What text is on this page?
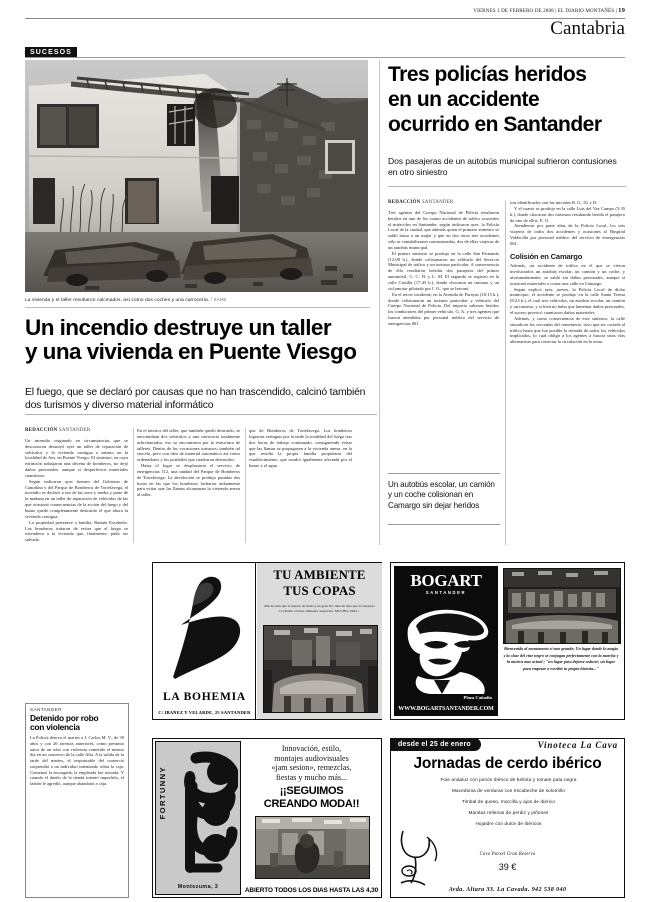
VIERNES 1 DE FEBRERO DE 2008 | EL DIARIO MONTAÑÉS | 19
Cantabria
SUCESOS
La vivienda y el taller resultaron calcinados, así como dos coches y una carrocería. / SANE
Un incendio destruye un taller
y una vivienda en Puente Viesgo
El fuego, que se declaró por causas que no han trascendido, calcinó también dos turismos y diverso material informático
REDACCIÓN SANTANDER

Un incendio originado en circunstancias que se desconocen destruyó ayer un taller de reparación de vehículos y la vivienda contigua a mismo en la localidad de Aes, en Puente Viesgo. El siniestro, en cuya extinción trabajaron una decena de bomberos, no dejó daños personales, aunque sí desperfectos materiales cuantiosos.

Según indicaron ayer fuentes del Gobierno de Cantabria y del Parque de Bomberos de Torrelavega, el incendio se declaró a eso de las once y media y parte de la mañana en un taller de reparación de vehículos de las que ocasionó consecuencias de la acción del fuego y del humo quedó completamente destruido el que ahora la vivienda contigua.

La propiedad pertenece a familia. Ramón Escobedo. Los bomberos trataron de evitar que el fuego se extendiera a la vivienda que, finalmente, pudo ser salvada.

En el interior del taller, que también quedó destruido, se encontraban dos vehículos y una carrocería totalmente achicharrados, eso se encontraron por la estructura de talleres. Dentro de los vocaciones turismos, también tal cincelo, pero con idea de material automático así como ordenadores y los portátiles que cuadraron destruidos.

Hasta el lugar se desplazaron el servicio de emergencias 112, una unidad del Parque de Bomberos de Torrelavega. La devolución se produjo pasadas dos horas en las que los bomberos lucharon arduamente para evitar que las llamas alcanzaran la vivienda anexa al taller.

quz de Bomberos de Torrelavega. Los bomberos lograron extinguir por la tarde la totalidad del fuego tras dos horas de trabajo continuado, consiguiendo evitar que las llamas se propagasen a la vivienda anexa, en la que residía la propia familia propietaria del establecimiento, que resultó igualmente afectada por el humo y el agua.

SANTANDER
Detenido por robo
con violencia

La Policía detuvo el martes a J. Carlos M. V., de 30 años y con 26 arrestos anteriores, como presunto autor de un robo con violencia cometido el mismo día en un comercio de la calle Alta. A la salida de la tarde del martes, el responsable del comercio sorprendió a un individuo intentando robar la caja. Comenzó la encargada, la empleada fue avisada. Y cuando el dueño de la tienda intentó impedirlo, el ladrón le agredió, aunque abandonó a caja.

Tres policías heridos
en un accidente
ocurrido en Santander
Dos pasajeras de un autobús municipal sufrieron contusiones en otro siniestro
REDACCIÓN SANTANDER

Tres agentes del Cuerpo Nacional de Policía resultaron heridos en uno de los cuatro accidentes de tráfico ocurridos el miércoles en Santander, según indicaron ayer, la Policía Local de la ciudad, que además quien el primero siniestro se saldó hasta a un mujer y que en dos otros tres accidentes sólo se contabilizaron contusionadas, dos de ellas viajeras de un autobús municipal.

El primer siniestro se produjo en la calle San Fernando (12:08 h.), donde colisionaron un vehículo del Servicio Municipal de tráfico y un turismo particular. A consecuencia de ello resultaron heridas dos pasajeras del primer automóvil, C. C. H. y L. M. El segundo se registró en la calle Castilla (17:45 h.), donde chocaron un turismo y un ciclomotor pilotado por I. O., que se lesionó.

En el tercer incidente, en la Avenida de Parayas (18:15 h.), donde colisionaron un turismo particular y vehículo del Cuerpo Nacional de Policía. Del impacto salieron heridos los conductores del primer vehículo, G. A. y tres agentes que fueron atendidos por personal médico del servicio de emergencias 061.

ron identificados con las iniciales R. G. 1G y D.

Y el cuarto se produjo en la calle Luis del Vaz Campo (5:35 h.), donde chocaron dos turismos resultando herido el pasajero de uno de ellos, E. O.

Atendieron por parte altas de la Policía Local, los seis viajeros de todos dos accidentes y ocasiones al Hospital Valdecilla por personal médico del servicio de emergencias 061.

Colisión en Camargo

Además, un accidente de tráfico en el que se vieron involucrados un autobús escolar, un camión y un coche, y afortunadamente, se saldó sin daños personales, aunque sí ocasionó materiales a cortar una calle en Camargo.

Según explicó ayer, jueves, la Policía Local de dicho municipio, el accidente se produjo en la calle Santa Teresa (9:23 h.), el cual tres vehículos, un autobús escolar, un camión y un turismo, y si bien no hubo que lamentar daños personales, el suceso provocó cuantiosos daños materiales.

Además, y como consecuencia de este siniestro, la calle situada en los cercanías del cementerio, tuvo que ser cortada al tráfico hasta que fue posible la retirada de todos los vehículos implicados, lo cual obligó a los agentes a buscar unas vías alternativas para conectar la circulación en la zona.

Un autobús escolar, un camión y un coche colisionan en Camargo sin dejar heridos
LA BOHEMIA
C/ IBAÑEZ Y VELARDE, 25 SANTANDER
TU AMBIENTE
TUS COPAS
Mucho mas que la musica de moda y un gran D.J. Mucho mas que los mejores Cocktails: el buen ambiente asegurado. MUCHO, MAS...
BOGART
SANTANDER
Plaza Cañadío
WWW.BOGARTSANTANDER.COM
Bienvenido al monumento si mas grande; Un lugar donde la magia y la clase del cine negro se conjugan perfectamente con la marcha y la música mas actual ; "un lugar para dejarse seducir; un lugar para empezar a escribir tu propia historia..."
FORTUNNY
Montezuma, 3
Innovación, estilo,
montajes audiovisuales
«jam sesion», remezclas,
fiestas y mucho más...
¡¡SEGUIMOS
CREANDO MODA!!
ABIERTO TODOS LOS DIAS HASTA LAS 4,30
desde el 25 de enero	Vinoteca La Cava
Jornadas de cerdo ibérico
Foie andaluz con jamón ibérico de bellota y tomate pata negra
Macedonia de verduras con escabeche de solomillo
Timbal de queso, morcilla y ajos de ibérico
Manitas rellenas de perdiz y piñones
Hojaldre con dulce de ibéricos
Cava Parxet Gran Reserva
39 €
Avda. Altara 33. La Cavada. 942 538 040
